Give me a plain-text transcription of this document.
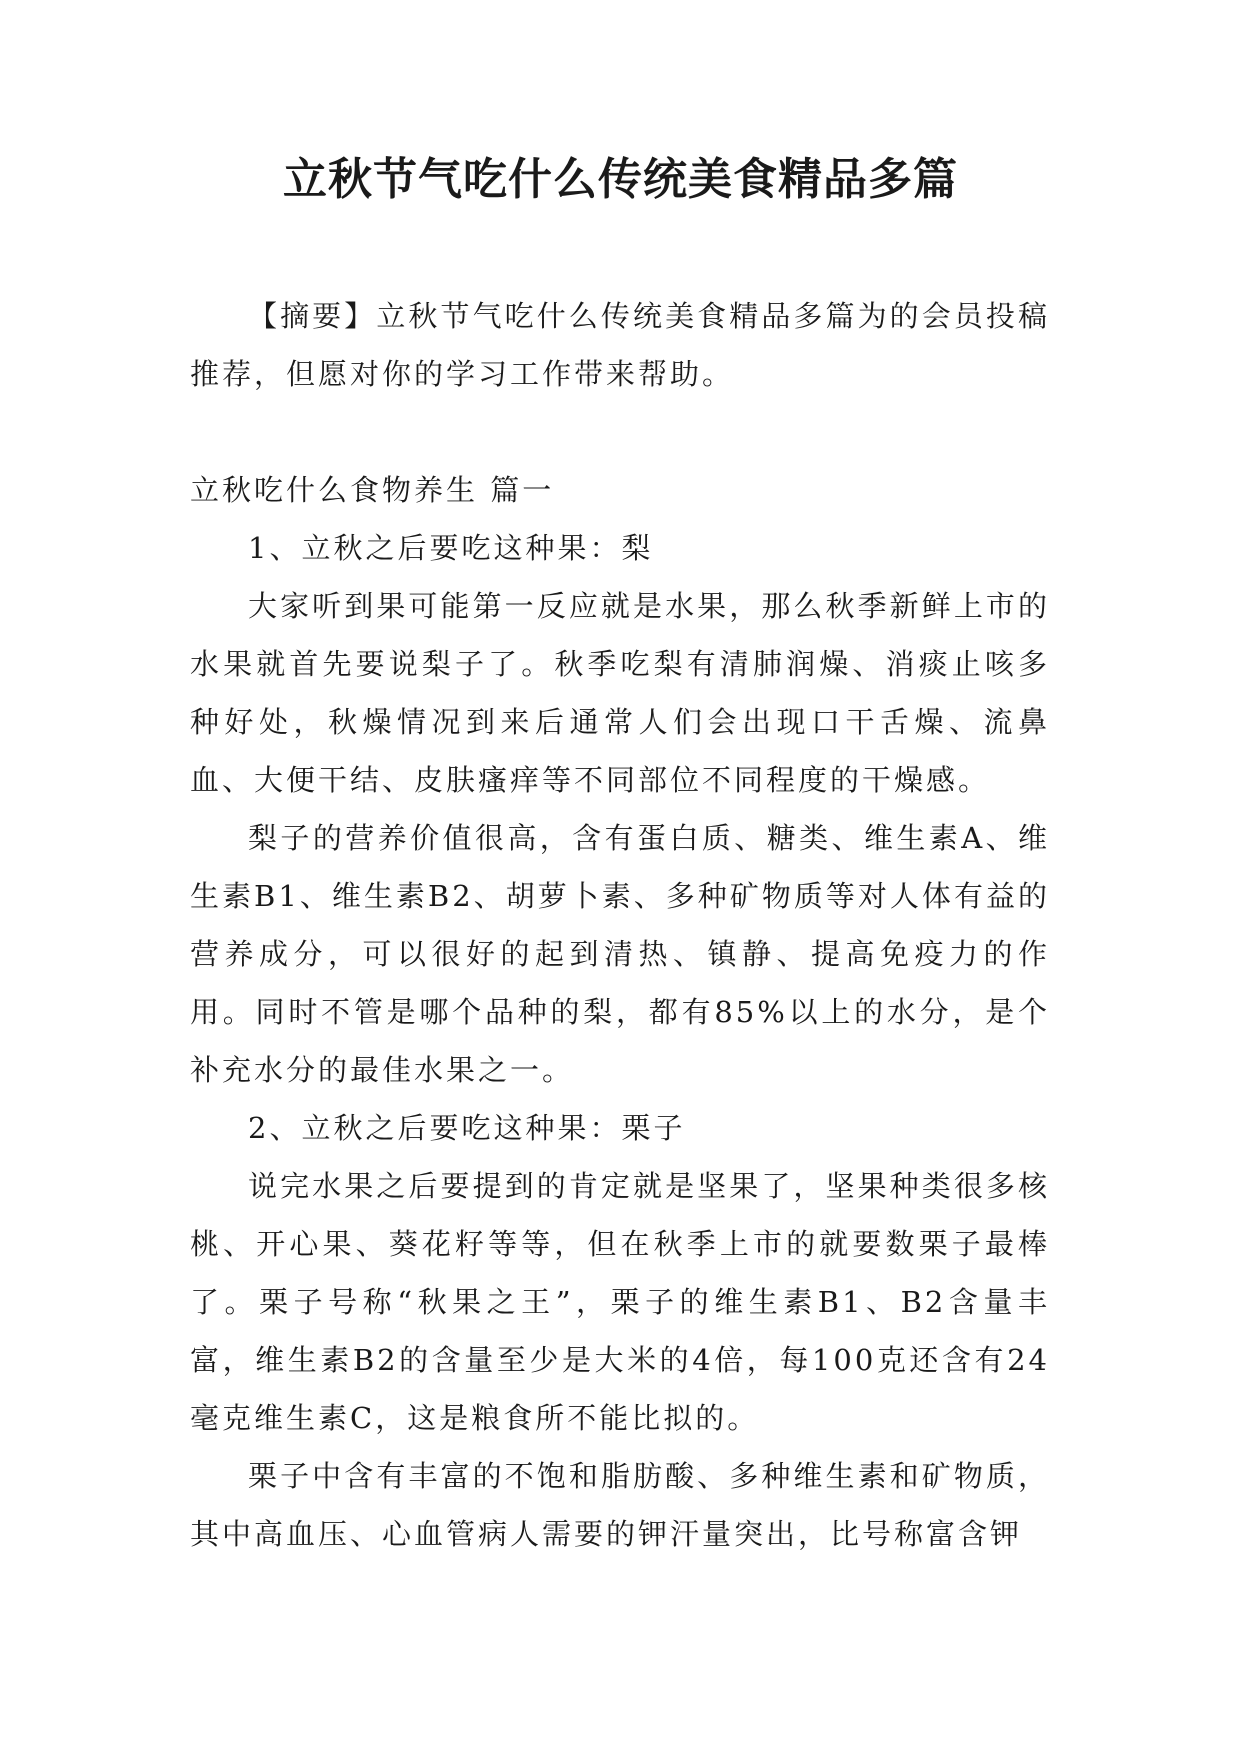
立秋节气吃什么传统美食精品多篇

【摘要】立秋节气吃什么传统美食精品多篇为的会员投稿推荐，但愿对你的学习工作带来帮助。

立秋吃什么食物养生 篇一

1、立秋之后要吃这种果：梨

大家听到果可能第一反应就是水果，那么秋季新鲜上市的水果就首先要说梨子了。秋季吃梨有清肺润燥、消痰止咳多种好处，秋燥情况到来后通常人们会出现口干舌燥、流鼻血、大便干结、皮肤瘙痒等不同部位不同程度的干燥感。

梨子的营养价值很高，含有蛋白质、糖类、维生素A、维生素B1、维生素B2、胡萝卜素、多种矿物质等对人体有益的营养成分，可以很好的起到清热、镇静、提高免疫力的作用。同时不管是哪个品种的梨，都有85%以上的水分，是个补充水分的最佳水果之一。

2、立秋之后要吃这种果：栗子

说完水果之后要提到的肯定就是坚果了，坚果种类很多核桃、开心果、葵花籽等等，但在秋季上市的就要数栗子最棒了。栗子号称“秋果之王”，栗子的维生素B1、B2含量丰富，维生素B2的含量至少是大米的4倍，每100克还含有24毫克维生素C，这是粮食所不能比拟的。

栗子中含有丰富的不饱和脂肪酸、多种维生素和矿物质，其中高血压、心血管病人需要的钾汗量突出，比号称富含钾
